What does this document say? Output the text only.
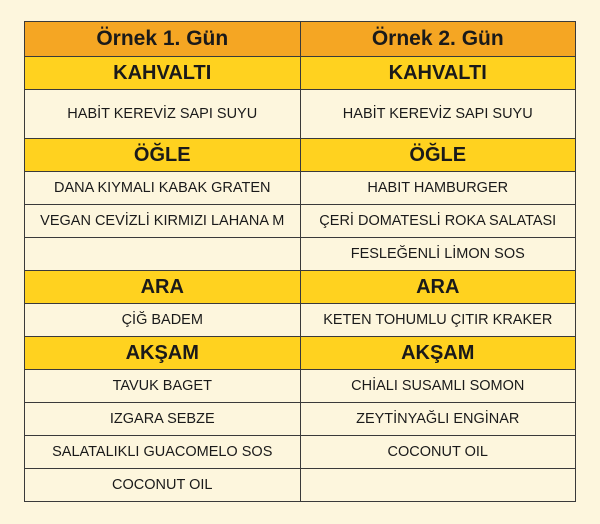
Örnek 1. Gün	Örnek 2. Gün
KAHVALTI	KAHVALTI
HABİT KEREVİZ SAPI SUYU	HABİT KEREVİZ SAPI SUYU
ÖĞLE	ÖĞLE
DANA KIYMALI KABAK GRATEN	HABIT HAMBURGER
VEGAN CEVİZLİ KIRMIZI LAHANA M	ÇERİ DOMATESLİ ROKA SALATASI
	FESLEĞENLİ LİMON SOS
ARA	ARA
ÇİĞ BADEM	KETEN TOHUMLU ÇITIR KRAKER
AKŞAM	AKŞAM
TAVUK BAGET	CHİALI SUSAMLI SOMON
IZGARA SEBZE	ZEYTİNYAĞLI ENGİNAR
SALATALIKLI GUACOMELO SOS	COCONUT OIL
COCONUT OIL	
